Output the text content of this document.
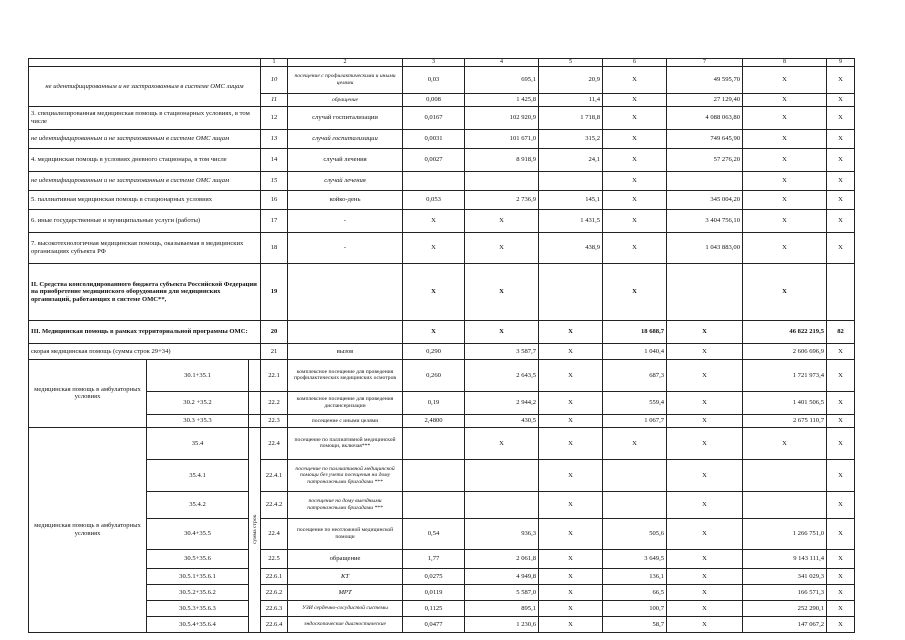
			1	2	3	4	5	6	7	8	9
не идентифицированным и не застрахованным в системе ОМС лицам			10	посещение с профилактическими и иными целями	0,03	695,1	20,9	X	49 595,70	X	X
			11	обращение	0,008	1 425,8	11,4	X	27 129,40	X	X
3. специализированная медицинская помощь в стационарных условиях, в том числе			12	случай госпитализации	0,0167	102 920,9	1 718,8	X	4 088 063,80	X	X
не идентифицированным и не застрахованным в системе ОМС лицам			13	случай госпитализации	0,0031	101 671,0	315,2	X	749 645,90	X	X
4. медицинская помощь в условиях дневного стационара, в том числе			14	случай лечения	0,0027	8 918,9	24,1	X	57 276,20	X	X
не идентифицированным и не застрахованным в системе ОМС лицам			15	случай лечения				X		X	X
5. паллиативная медицинская помощь в стационарных условиях			16	койко-день	0,053	2 736,9	145,1	X	345 004,20	X	X
6. иные государственные и муниципальные услуги (работы)			17	-	X	X	1 431,5	X	3 404 756,10	X	X
7. высокотехнологичная медицинская помощь, оказываемая в медицинских организациях субъекта РФ			18	-	X	X	438,9	X	1 043 883,00	X	X
II. Средства консолидированного бюджета субъекта Российской Федерации на приобретение медицинского оборудования для медицинских организаций, работающих в системе ОМС**,			19		X	X		X		X	
III. Медицинская помощь в рамках территориальной программы ОМС:			20		X	X	X	18 688,7	X	46 822 219,5	82
скорая медицинская помощь (сумма строк 29+34)			21	вызов	0,290	3 587,7	X	1 040,4	X	2 606 696,9	X
медицинская помощь в амбулаторных условиях	30.1+35.1		22.1	комплексное посещение для проведения профилактических медицинских осмотров	0,260	2 643,5	X	687,3	X	1 721 973,4	X
	30.2 +35.2		22.2	комплексное посещение для проведения диспансеризации	0,19	2 944,2	X	559,4	X	1 401 506,5	X
	30.3 +35.3		22.3	посещение с иными целями	2,4800	430,5	X	1 067,7	X	2 675 110,7	X
медицинская помощь в амбулаторных условиях	35.4	сумма строк	22.4	посещение по паллиативной медицинской помощи, включая***		X	X	X	X	X	X
	35.4.1		22.4.1	посещение по паллиативной медицинской помощи без учета посещения на дому патронажными бригадами ***			X		X		X
	35.4.2		22.4.2	посещение на дому выездными патронажными бригадами ***			X		X		X
	30.4+35.5		22.4	посещение по неотложной медицинской помощи	0,54	936,3	X	505,6	X	1 266 751,0	X
	30.5+35.6		22.5	обращение	1,77	2 061,8	X	3 649,5	X	9 143 111,4	X
	30.5.1+35.6.1		22.6.1	КТ	0,0275	4 949,8	X	136,1	X	341 029,3	X
	30.5.2+35.6.2		22.6.2	МРТ	0,0119	5 587,0	X	66,5	X	166 571,3	X
	30.5.3+35.6.3		22.6.3	УЗИ сердечно-сосудистой системы	0,1125	895,1	X	100,7	X	252 290,1	X
	30.5.4+35.6.4		22.6.4	эндоскопические диагностические	0,0477	1 230,6	X	58,7	X	147 067,2	X
